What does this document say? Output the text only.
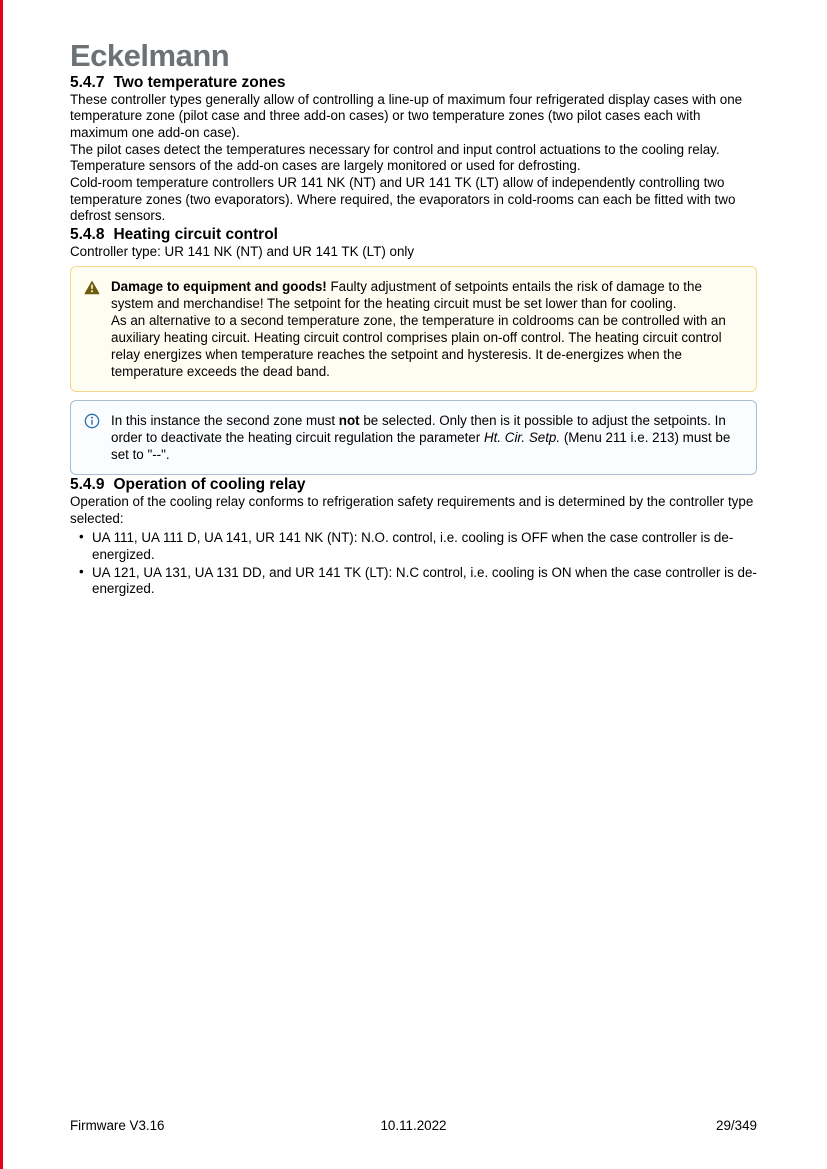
Eckelmann
5.4.7 Two temperature zones

These controller types generally allow of controlling a line-up of maximum four refrigerated display cases with one temperature zone (pilot case and three add-on cases) or two temperature zones (two pilot cases each with maximum one add-on case).

The pilot cases detect the temperatures necessary for control and input control actuations to the cooling relay. Temperature sensors of the add-on cases are largely monitored or used for defrosting.

Cold-room temperature controllers UR 141 NK (NT) and UR 141 TK (LT) allow of independently controlling two temperature zones (two evaporators). Where required, the evaporators in cold-rooms can each be fitted with two defrost sensors.

5.4.8 Heating circuit control

Controller type: UR 141 NK (NT) and UR 141 TK (LT) only

Damage to equipment and goods! Faulty adjustment of setpoints entails the risk of damage to the system and merchandise! The setpoint for the heating circuit must be set lower than for cooling.

As an alternative to a second temperature zone, the temperature in coldrooms can be controlled with an auxiliary heating circuit. Heating circuit control comprises plain on-off control. The heating circuit control relay energizes when temperature reaches the setpoint and hysteresis. It de-energizes when the temperature exceeds the dead band.

In this instance the second zone must not be selected. Only then is it possible to adjust the setpoints. In order to deactivate the heating circuit regulation the parameter Ht. Cir. Setp. (Menu 211 i.e. 213) must be set to "--".

5.4.9 Operation of cooling relay

Operation of the cooling relay conforms to refrigeration safety requirements and is determined by the controller type selected:

• UA 111, UA 111 D, UA 141, UR 141 NK (NT): N.O. control, i.e. cooling is OFF when the case controller is de-energized.
• UA 121, UA 131, UA 131 DD, and UR 141 TK (LT): N.C control, i.e. cooling is ON when the case controller is de-energized.
Firmware V3.16	10.11.2022	29/349
